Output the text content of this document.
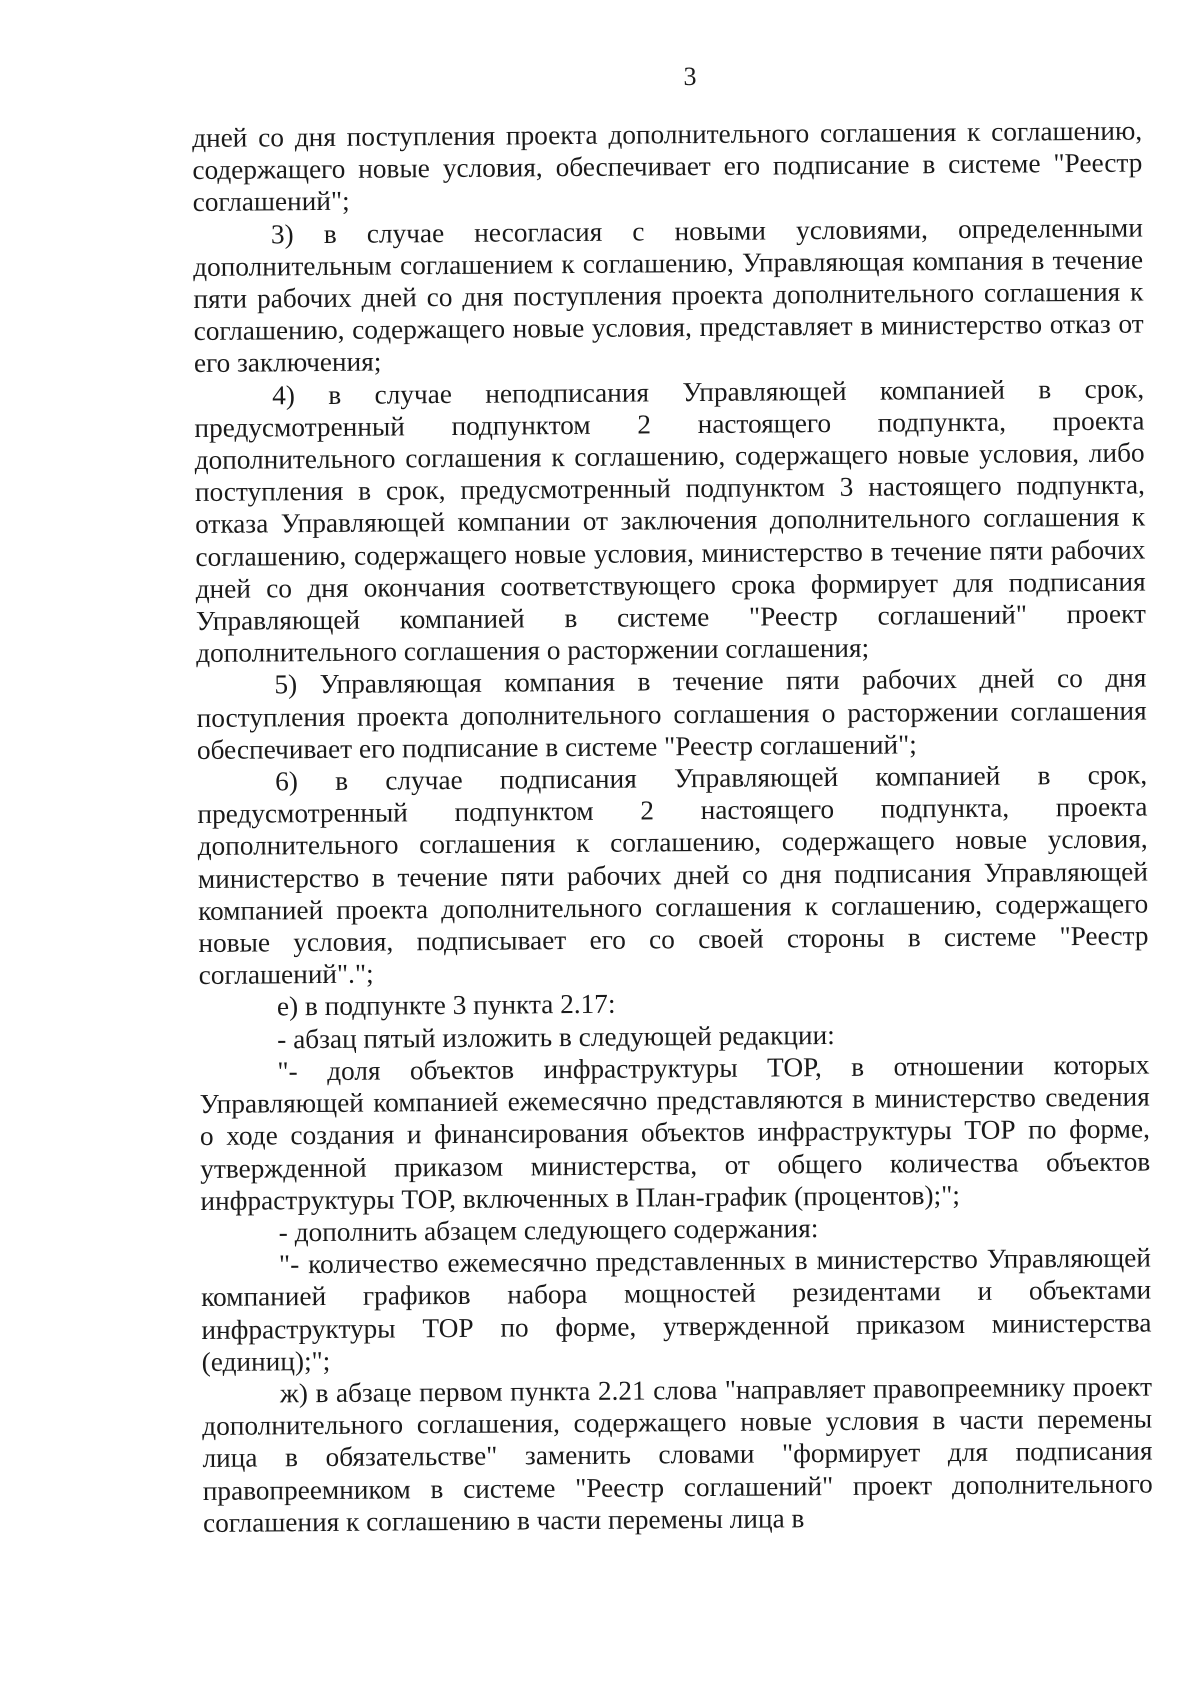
3

дней со дня поступления проекта дополнительного соглашения к соглашению, содержащего новые условия, обеспечивает его подписание в системе "Реестр соглашений";

3) в случае несогласия с новыми условиями, определенными дополнительным соглашением к соглашению, Управляющая компания в течение пяти рабочих дней со дня поступления проекта дополнительного соглашения к соглашению, содержащего новые условия, представляет в министерство отказ от его заключения;

4) в случае неподписания Управляющей компанией в срок, предусмотренный подпунктом 2 настоящего подпункта, проекта дополнительного соглашения к соглашению, содержащего новые условия, либо поступления в срок, предусмотренный подпунктом 3 настоящего подпункта, отказа Управляющей компании от заключения дополнительного соглашения к соглашению, содержащего новые условия, министерство в течение пяти рабочих дней со дня окончания соответствующего срока формирует для подписания Управляющей компанией в системе "Реестр соглашений" проект дополнительного соглашения о расторжении соглашения;

5) Управляющая компания в течение пяти рабочих дней со дня поступления проекта дополнительного соглашения о расторжении соглашения обеспечивает его подписание в системе "Реестр соглашений";

6) в случае подписания Управляющей компанией в срок, предусмотренный подпунктом 2 настоящего подпункта, проекта дополнительного соглашения к соглашению, содержащего новые условия, министерство в течение пяти рабочих дней со дня подписания Управляющей компанией проекта дополнительного соглашения к соглашению, содержащего новые условия, подписывает его со своей стороны в системе "Реестр соглашений".";

е) в подпункте 3 пункта 2.17:

- абзац пятый изложить в следующей редакции:

"- доля объектов инфраструктуры ТОР, в отношении которых Управляющей компанией ежемесячно представляются в министерство сведения о ходе создания и финансирования объектов инфраструктуры ТОР по форме, утвержденной приказом министерства, от общего количества объектов инфраструктуры ТОР, включенных в План-график (процентов);";

- дополнить абзацем следующего содержания:

"- количество ежемесячно представленных в министерство Управляющей компанией графиков набора мощностей резидентами и объектами инфраструктуры ТОР по форме, утвержденной приказом министерства (единиц);";

ж) в абзаце первом пункта 2.21 слова "направляет правопреемнику проект дополнительного соглашения, содержащего новые условия в части перемены лица в обязательстве" заменить словами "формирует для подписания правопреемником в системе "Реестр соглашений" проект дополнительного соглашения к соглашению в части перемены лица в
